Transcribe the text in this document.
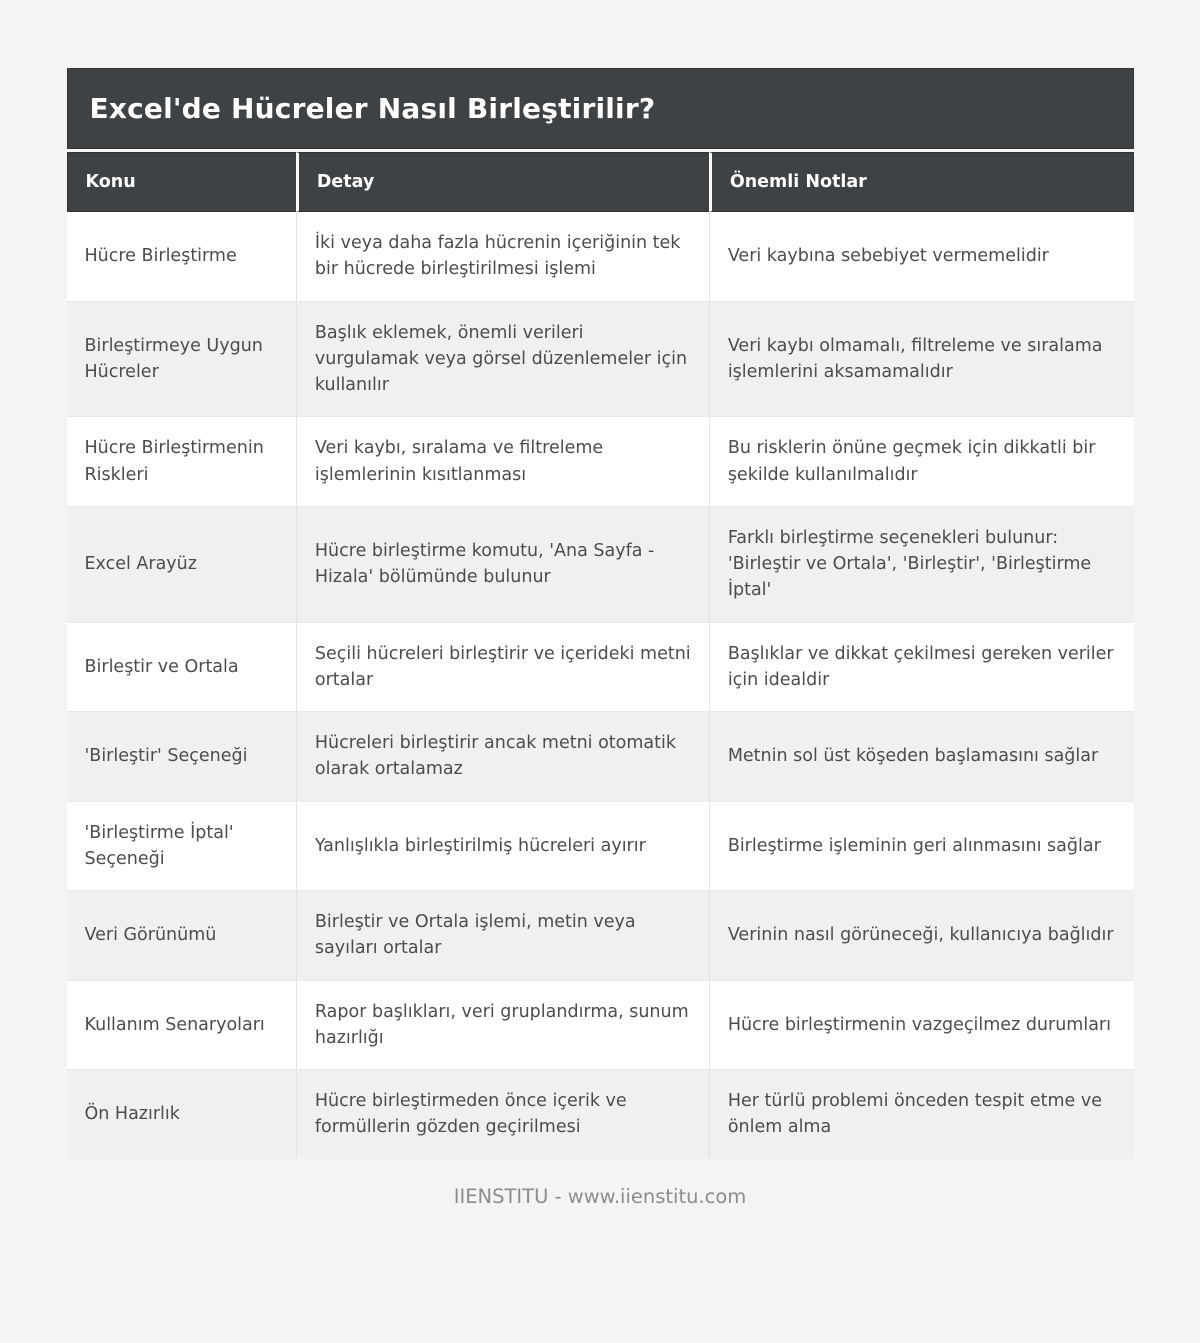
Excel'de Hücreler Nasıl Birleştirilir?
Konu	Detay	Önemli Notlar
Hücre Birleştirme	İki veya daha fazla hücrenin içeriğinin tek bir hücrede birleştirilmesi işlemi	Veri kaybına sebebiyet vermemelidir
Birleştirmeye Uygun Hücreler	Başlık eklemek, önemli verileri vurgulamak veya görsel düzenlemeler için kullanılır	Veri kaybı olmamalı, filtreleme ve sıralama işlemlerini aksamamalıdır
Hücre Birleştirmenin Riskleri	Veri kaybı, sıralama ve filtreleme işlemlerinin kısıtlanması	Bu risklerin önüne geçmek için dikkatli bir şekilde kullanılmalıdır
Excel Arayüz	Hücre birleştirme komutu, 'Ana Sayfa - Hizala' bölümünde bulunur	Farklı birleştirme seçenekleri bulunur: 'Birleştir ve Ortala', 'Birleştir', 'Birleştirme İptal'
Birleştir ve Ortala	Seçili hücreleri birleştirir ve içerideki metni ortalar	Başlıklar ve dikkat çekilmesi gereken veriler için idealdir
'Birleştir' Seçeneği	Hücreleri birleştirir ancak metni otomatik olarak ortalamaz	Metnin sol üst köşeden başlamasını sağlar
'Birleştirme İptal' Seçeneği	Yanlışlıkla birleştirilmiş hücreleri ayırır	Birleştirme işleminin geri alınmasını sağlar
Veri Görünümü	Birleştir ve Ortala işlemi, metin veya sayıları ortalar	Verinin nasıl görüneceği, kullanıcıya bağlıdır
Kullanım Senaryoları	Rapor başlıkları, veri gruplandırma, sunum hazırlığı	Hücre birleştirmenin vazgeçilmez durumları
Ön Hazırlık	Hücre birleştirmeden önce içerik ve formüllerin gözden geçirilmesi	Her türlü problemi önceden tespit etme ve önlem alma
IIENSTITU - www.iienstitu.com
